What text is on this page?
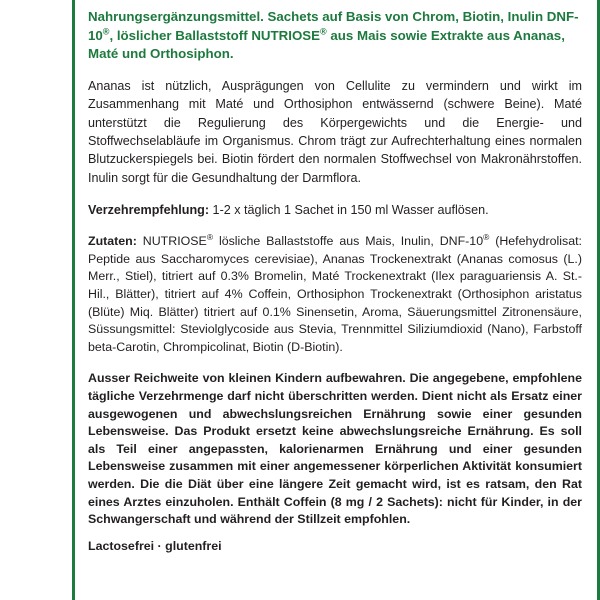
Nahrungsergänzungsmittel. Sachets auf Basis von Chrom, Biotin, Inulin DNF-10®, löslicher Ballaststoff NUTRIOSE® aus Mais sowie Extrakte aus Ananas, Maté und Orthosiphon.

Ananas ist nützlich, Ausprägungen von Cellulite zu vermindern und wirkt im Zusammenhang mit Maté und Orthosiphon entwässernd (schwere Beine). Maté unterstützt die Regulierung des Körpergewichts und die Energie- und Stoffwechselabläufe im Organismus. Chrom trägt zur Aufrechterhaltung eines normalen Blutzuckerspiegels bei. Biotin fördert den normalen Stoffwechsel von Makronährstoffen. Inulin sorgt für die Gesundhaltung der Darmflora.

Verzehrempfehlung: 1-2 x täglich 1 Sachet in 150 ml Wasser auflösen.

Zutaten: NUTRIOSE® lösliche Ballaststoffe aus Mais, Inulin, DNF-10® (Hefehydrolisat: Peptide aus Saccharomyces cerevisiae), Ananas Trockenextrakt (Ananas comosus (L.) Merr., Stiel), titriert auf 0.3% Bromelin, Maté Trockenextrakt (Ilex paraguariensis A. St.-Hil., Blätter), titriert auf 4% Coffein, Orthosiphon Trockenextrakt (Orthosiphon aristatus (Blüte) Miq. Blätter) titriert auf 0.1% Sinensetin, Aroma, Säuerungsmittel Zitronensäure, Süssungsmittel: Steviolglycoside aus Stevia, Trennmittel Siliziumdioxid (Nano), Farbstoff beta-Carotin, Chrompicolinat, Biotin (D-Biotin).

Ausser Reichweite von kleinen Kindern aufbewahren. Die angegebene, empfohlene tägliche Verzehrmenge darf nicht überschritten werden. Dient nicht als Ersatz einer ausgewogenen und abwechslungsreichen Ernährung sowie einer gesunden Lebensweise. Das Produkt ersetzt keine abwechslungsreiche Ernährung. Es soll als Teil einer angepassten, kalorienarmen Ernährung und einer gesunden Lebensweise zusammen mit einer angemessener körperlichen Aktivität konsumiert werden. Die die Diät über eine längere Zeit gemacht wird, ist es ratsam, den Rat eines Arztes einzuholen. Enthält Coffein (8 mg / 2 Sachets): nicht für Kinder, in der Schwangerschaft und während der Stillzeit empfohlen.

Lactosefrei · glutenfrei
